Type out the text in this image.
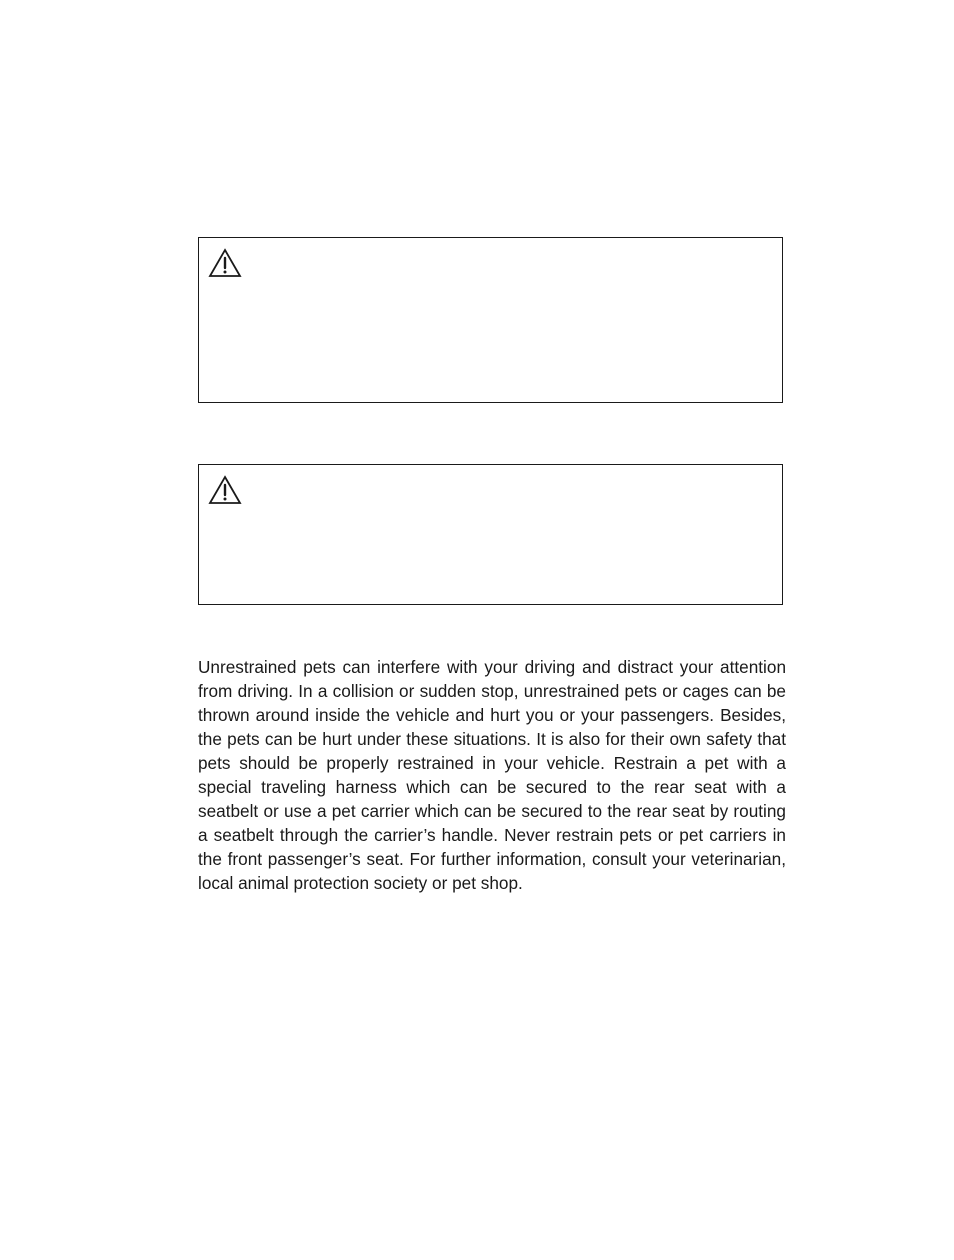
Unrestrained pets can interfere with your driving and distract your attention from driving. In a collision or sudden stop, unrestrained pets or cages can be thrown around inside the vehicle and hurt you or your passengers. Besides, the pets can be hurt under these situations. It is also for their own safety that pets should be properly restrained in your vehicle. Restrain a pet with a special traveling harness which can be secured to the rear seat with a seatbelt or use a pet carrier which can be secured to the rear seat by routing a seatbelt through the carrier’s handle. Never restrain pets or pet carriers in the front passenger’s seat. For further information, consult your veterinarian, local animal protection society or pet shop.
